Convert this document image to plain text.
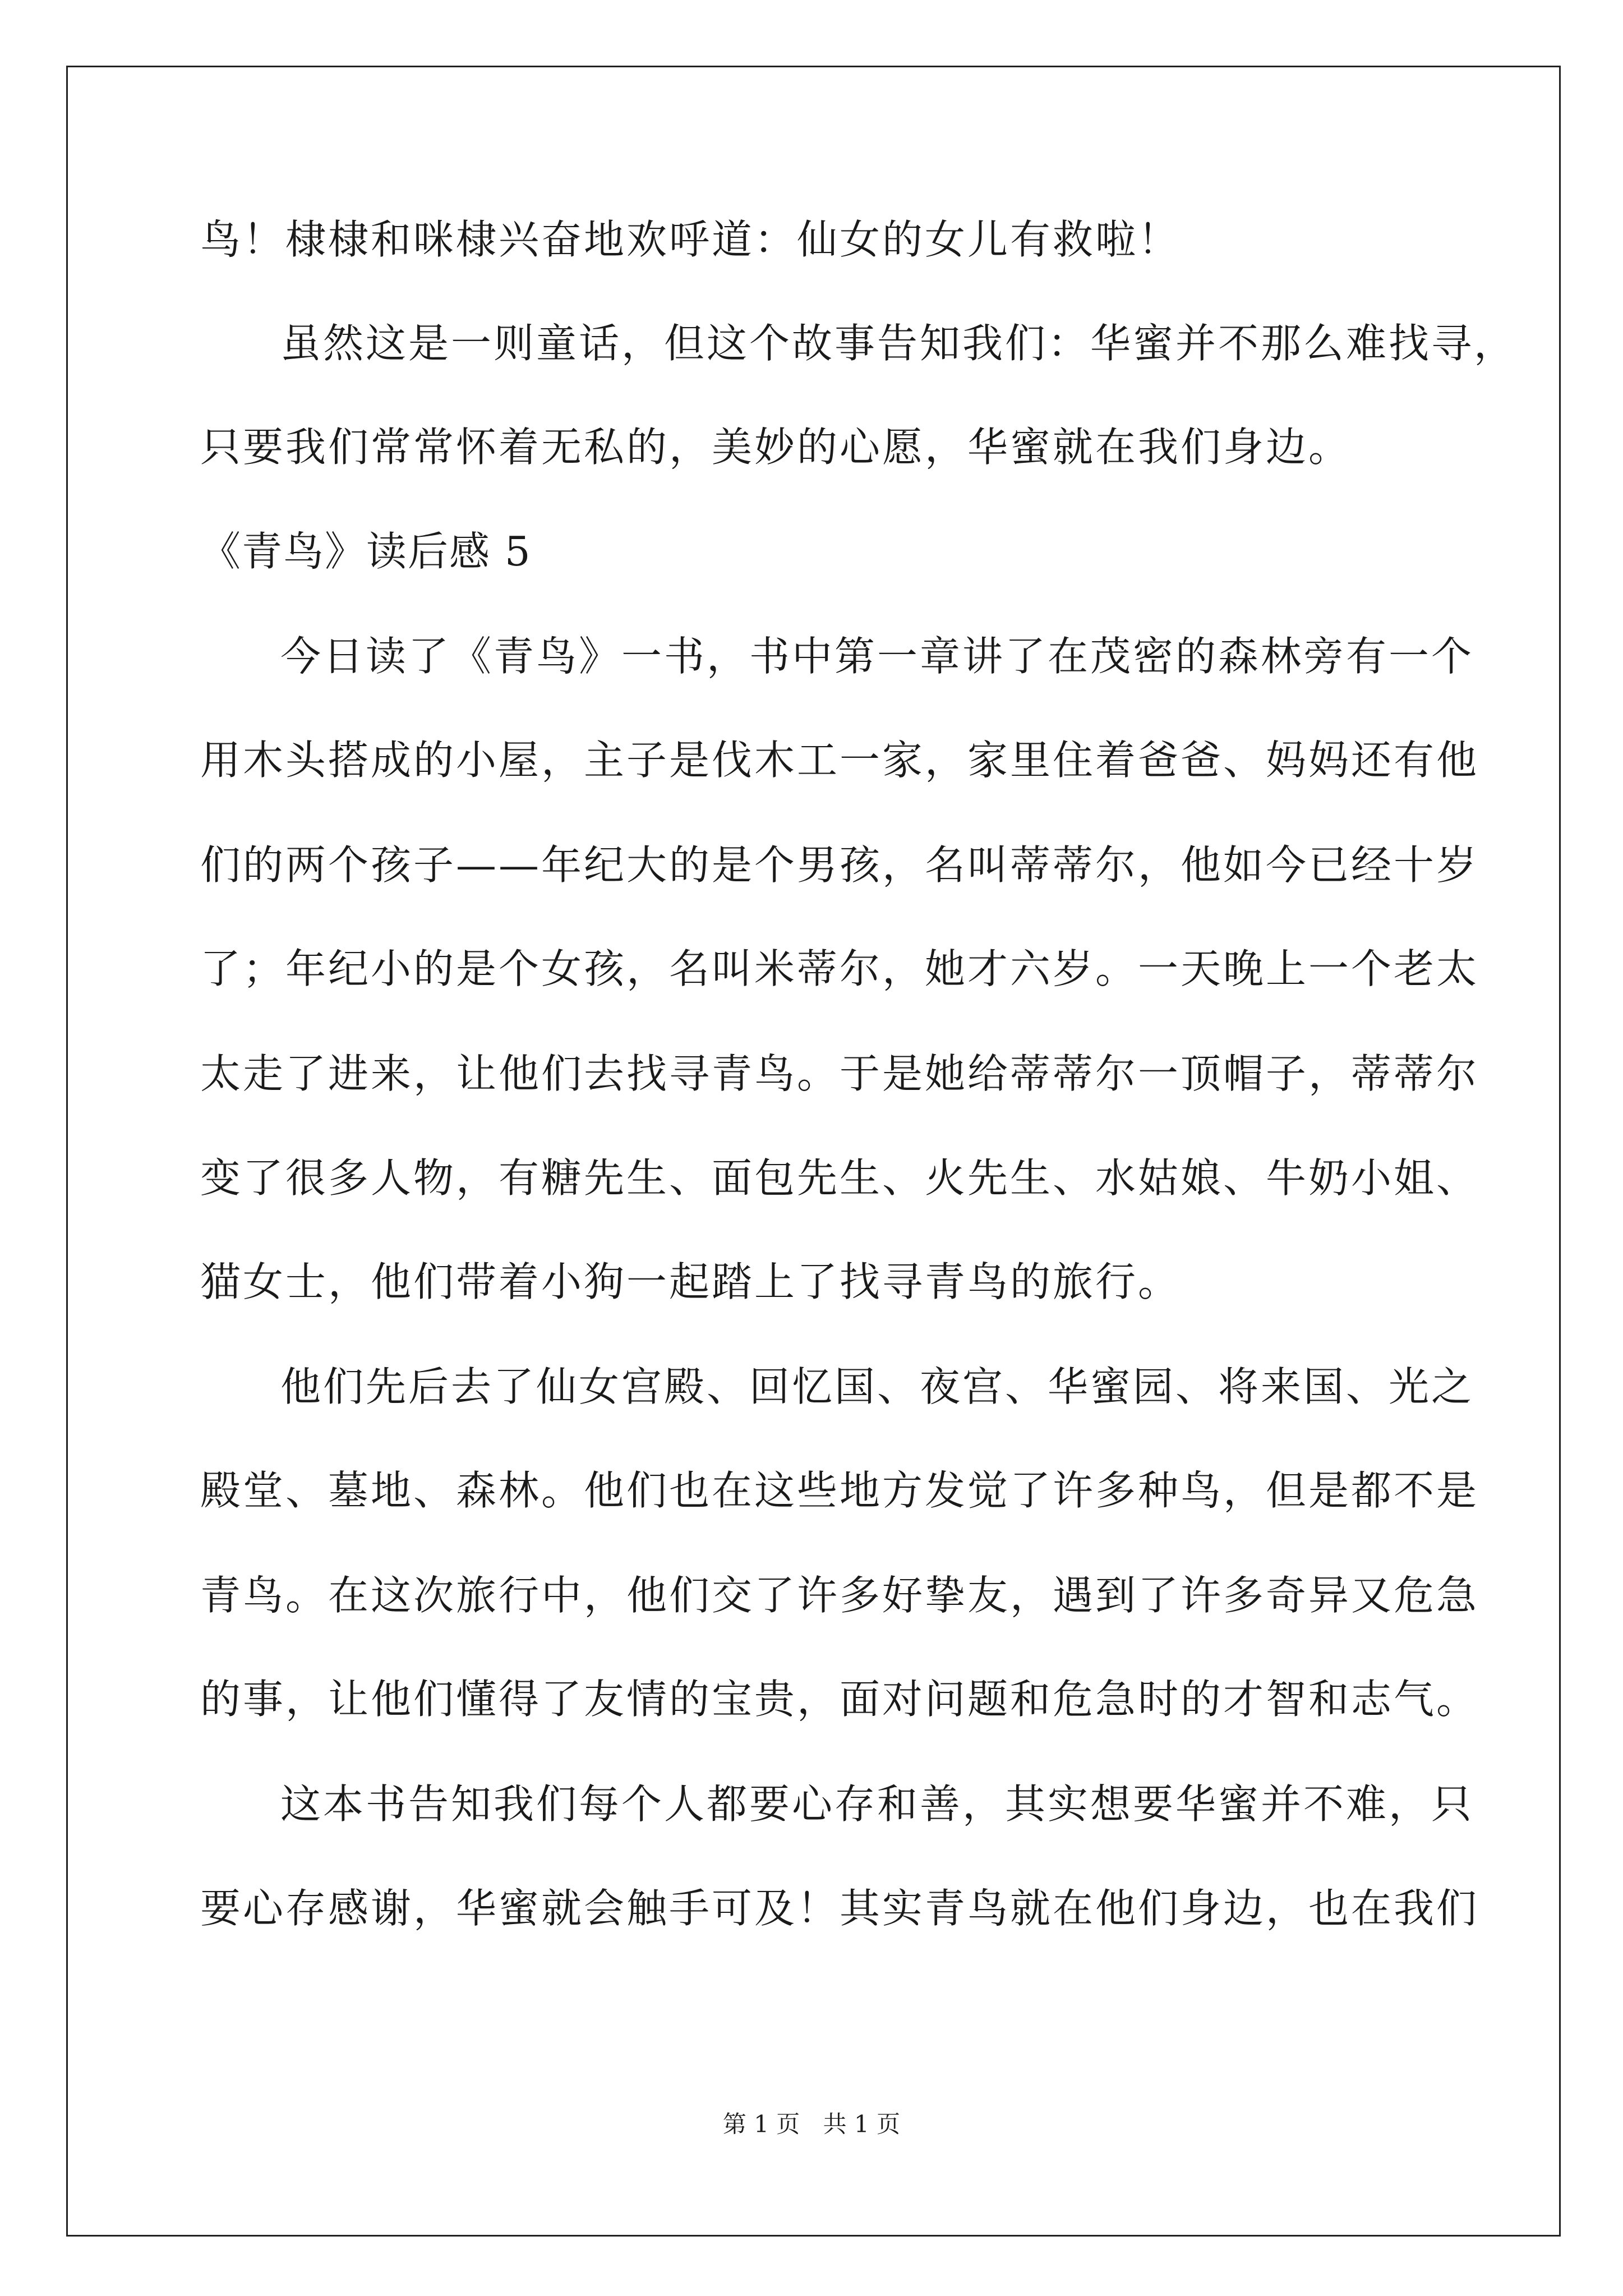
鸟！棣棣和咪棣兴奋地欢呼道：仙女的女儿有救啦！
虽然这是一则童话，但这个故事告知我们：华蜜并不那么难找寻，
只要我们常常怀着无私的，美妙的心愿，华蜜就在我们身边。
《青鸟》读后感 5
今日读了《青鸟》一书，书中第一章讲了在茂密的森林旁有一个
用木头搭成的小屋，主子是伐木工一家，家里住着爸爸、妈妈还有他
们的两个孩子——年纪大的是个男孩，名叫蒂蒂尔，他如今已经十岁
了；年纪小的是个女孩，名叫米蒂尔，她才六岁。一天晚上一个老太
太走了进来，让他们去找寻青鸟。于是她给蒂蒂尔一顶帽子，蒂蒂尔
变了很多人物，有糖先生、面包先生、火先生、水姑娘、牛奶小姐、
猫女士，他们带着小狗一起踏上了找寻青鸟的旅行。
他们先后去了仙女宫殿、回忆国、夜宫、华蜜园、将来国、光之
殿堂、墓地、森林。他们也在这些地方发觉了许多种鸟，但是都不是
青鸟。在这次旅行中，他们交了许多好挚友，遇到了许多奇异又危急
的事，让他们懂得了友情的宝贵，面对问题和危急时的才智和志气。
这本书告知我们每个人都要心存和善，其实想要华蜜并不难，只
要心存感谢，华蜜就会触手可及！其实青鸟就在他们身边，也在我们
第 1 页 共 1 页
